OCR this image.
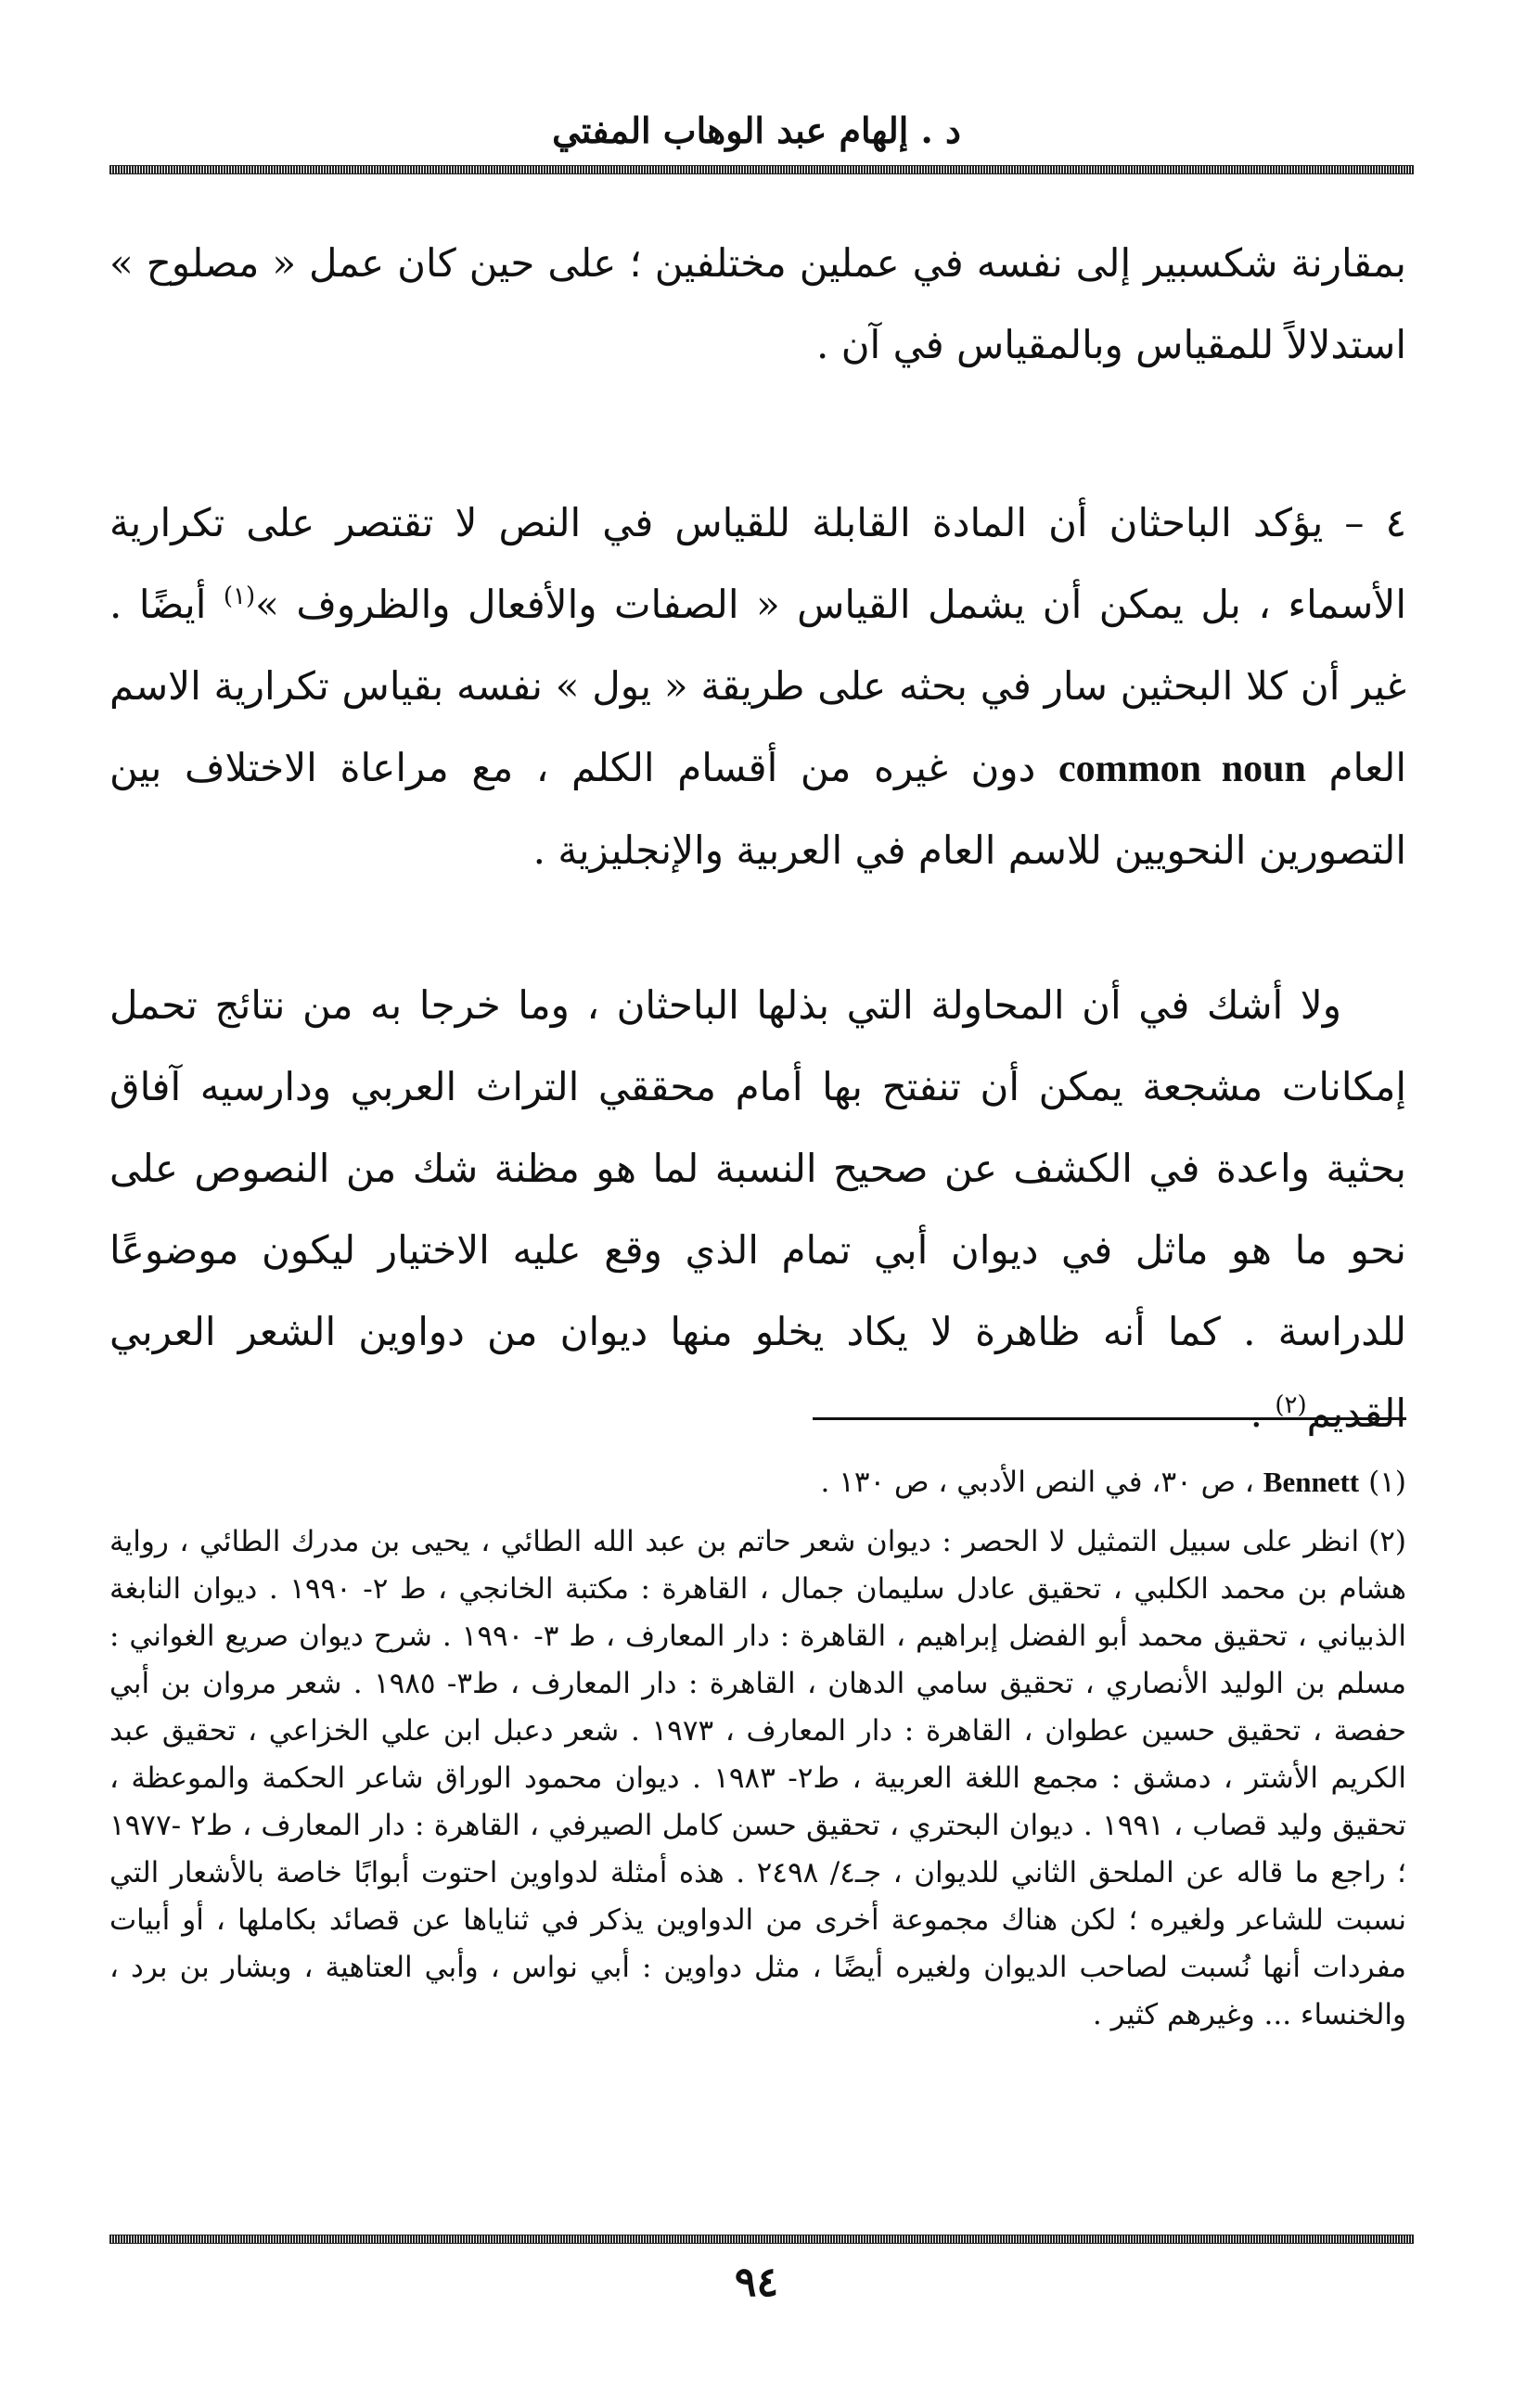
د . إلهام عبد الوهاب المفتي

بمقارنة شكسبير إلى نفسه في عملين مختلفين ؛ على حين كان عمل « مصلوح » استدلالاً للمقياس وبالمقياس في آن .

٤ – يؤكد الباحثان أن المادة القابلة للقياس في النص لا تقتصر على تكرارية الأسماء ، بل يمكن أن يشمل القياس « الصفات والأفعال والظروف »$^{(١)}$ أيضًا . غير أن كلا البحثين سار في بحثه على طريقة « يول » نفسه بقياس تكرارية الاسم العام common noun دون غيره من أقسام الكلم ، مع مراعاة الاختلاف بين التصورين النحويين للاسم العام في العربية والإنجليزية .

ولا أشك في أن المحاولة التي بذلها الباحثان ، وما خرجا به من نتائج تحمل إمكانات مشجعة يمكن أن تنفتح بها أمام محققي التراث العربي ودارسيه آفاق بحثية واعدة في الكشف عن صحيح النسبة لما هو مظنة شك من النصوص على نحو ما هو ماثل في ديوان أبي تمام الذي وقع عليه الاختيار ليكون موضوعًا للدراسة . كما أنه ظاهرة لا يكاد يخلو منها ديوان من دواوين الشعر العربي القديم$^{(٢)}$ .

(١)Bennett ، ص ٣٠، في النص الأدبي ، ص ١٣٠ .

(٢)انظر على سبيل التمثيل لا الحصر : ديوان شعر حاتم بن عبد الله الطائي ، يحيى بن مدرك الطائي ، رواية هشام بن محمد الكلبي ، تحقيق عادل سليمان جمال ، القاهرة : مكتبة الخانجي ، ط ٢- ١٩٩٠ . ديوان النابغة الذبياني ، تحقيق محمد أبو الفضل إبراهيم ، القاهرة : دار المعارف ، ط ٣- ١٩٩٠ . شرح ديوان صريع الغواني : مسلم بن الوليد الأنصاري ، تحقيق سامي الدهان ، القاهرة : دار المعارف ، ط٣- ١٩٨٥ . شعر مروان بن أبي حفصة ، تحقيق حسين عطوان ، القاهرة : دار المعارف ، ١٩٧٣ . شعر دعبل ابن علي الخزاعي ، تحقيق عبد الكريم الأشتر ، دمشق : مجمع اللغة العربية ، ط٢- ١٩٨٣ . ديوان محمود الوراق شاعر الحكمة والموعظة ، تحقيق وليد قصاب ، ١٩٩١ . ديوان البحتري ، تحقيق حسن كامل الصيرفي ، القاهرة : دار المعارف ، ط٢ -١٩٧٧ ؛ راجع ما قاله عن الملحق الثاني للديوان ، جـ٤/ ٢٤٩٨ . هذه أمثلة لدواوين احتوت أبوابًا خاصة بالأشعار التي نسبت للشاعر ولغيره ؛ لكن هناك مجموعة أخرى من الدواوين يذكر في ثناياها عن قصائد بكاملها ، أو أبيات مفردات أنها نُسبت لصاحب الديوان ولغيره أيضًا ، مثل دواوين : أبي نواس ، وأبي العتاهية ، وبشار بن برد ، والخنساء ... وغيرهم كثير .

٩٤
